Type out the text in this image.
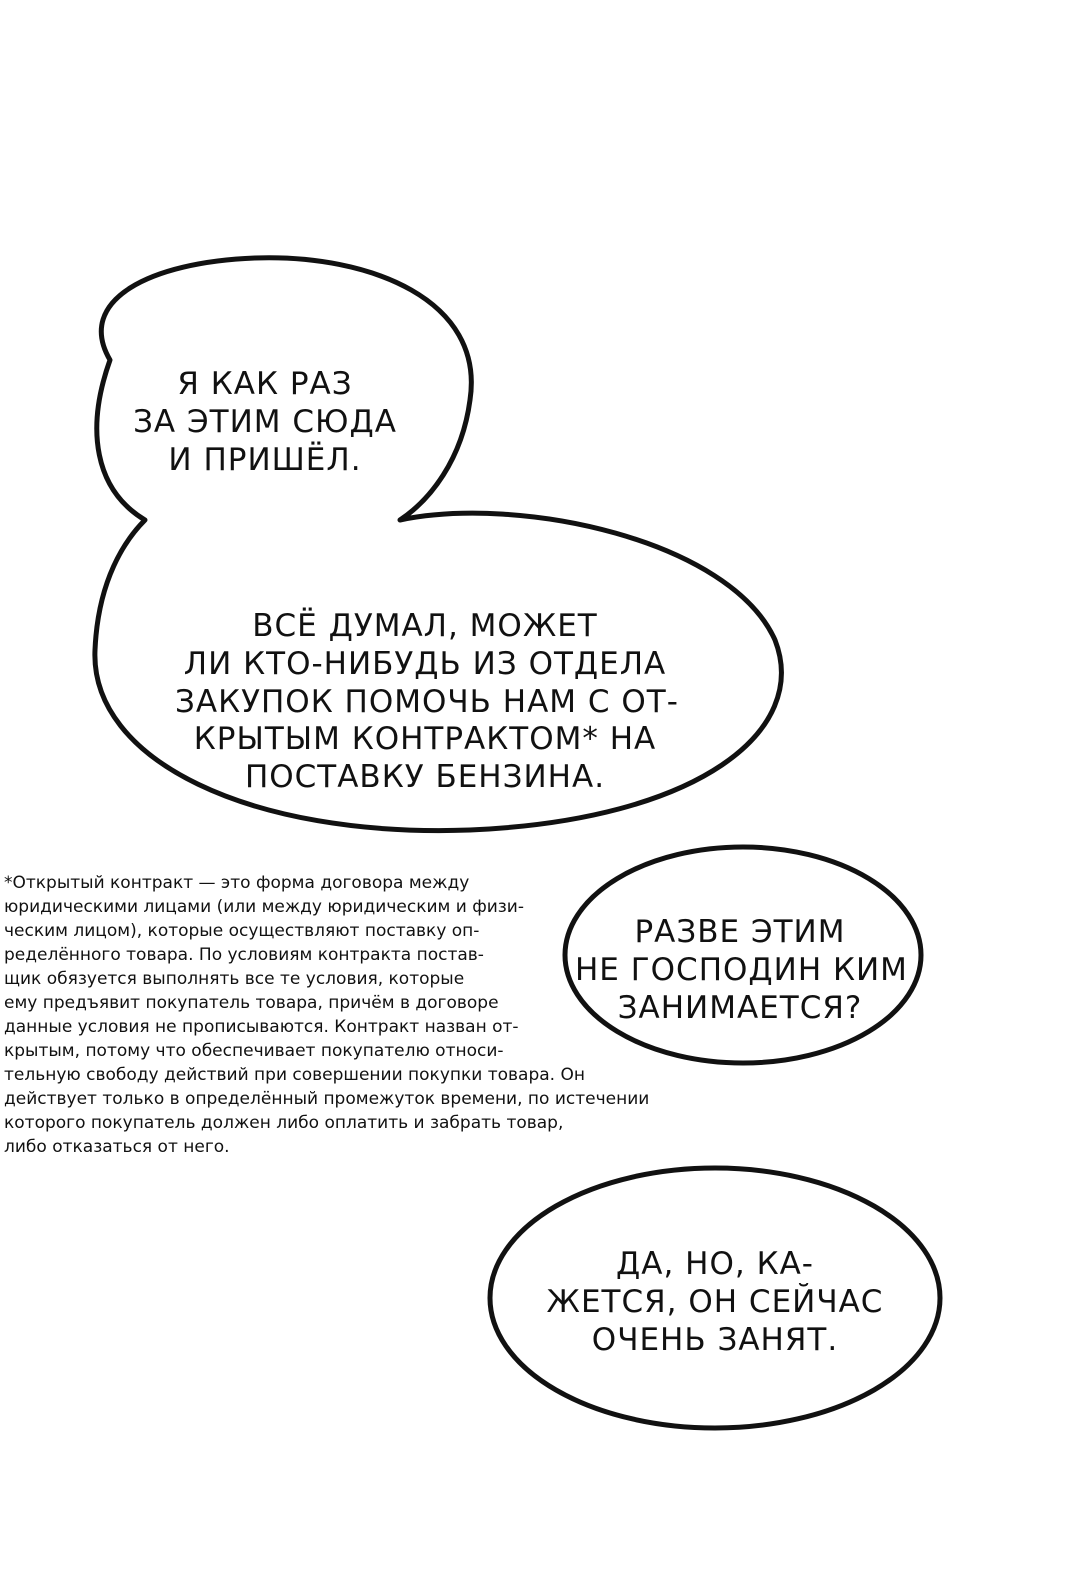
Я КАК РАЗ
ЗА ЭТИМ СЮДА
И ПРИШЁЛ.
ВСЁ ДУМАЛ, МОЖЕТ
ЛИ КТО-НИБУДЬ ИЗ ОТДЕЛА
ЗАКУПОК ПОМОЧЬ НАМ С ОТ-
КРЫТЫМ КОНТРАКТОМ* НА
ПОСТАВКУ БЕНЗИНА.
РАЗВЕ ЭТИМ
НЕ ГОСПОДИН КИМ
ЗАНИМАЕТСЯ?
ДА, НО, КА-
ЖЕТСЯ, ОН СЕЙЧАС
ОЧЕНЬ ЗАНЯТ.
*Открытый контракт — это форма договора между
юридическими лицами (или между юридическим и физи-
ческим лицом), которые осуществляют поставку оп-
ределённого товара. По условиям контракта постав-
щик обязуется выполнять все те условия, которые
ему предъявит покупатель товара, причём в договоре
данные условия не прописываются. Контракт назван от-
крытым, потому что обеспечивает покупателю относи-
тельную свободу действий при совершении покупки товара. Он
действует только в определённый промежуток времени, по истечении
которого покупатель должен либо оплатить и забрать товар,
либо отказаться от него.
